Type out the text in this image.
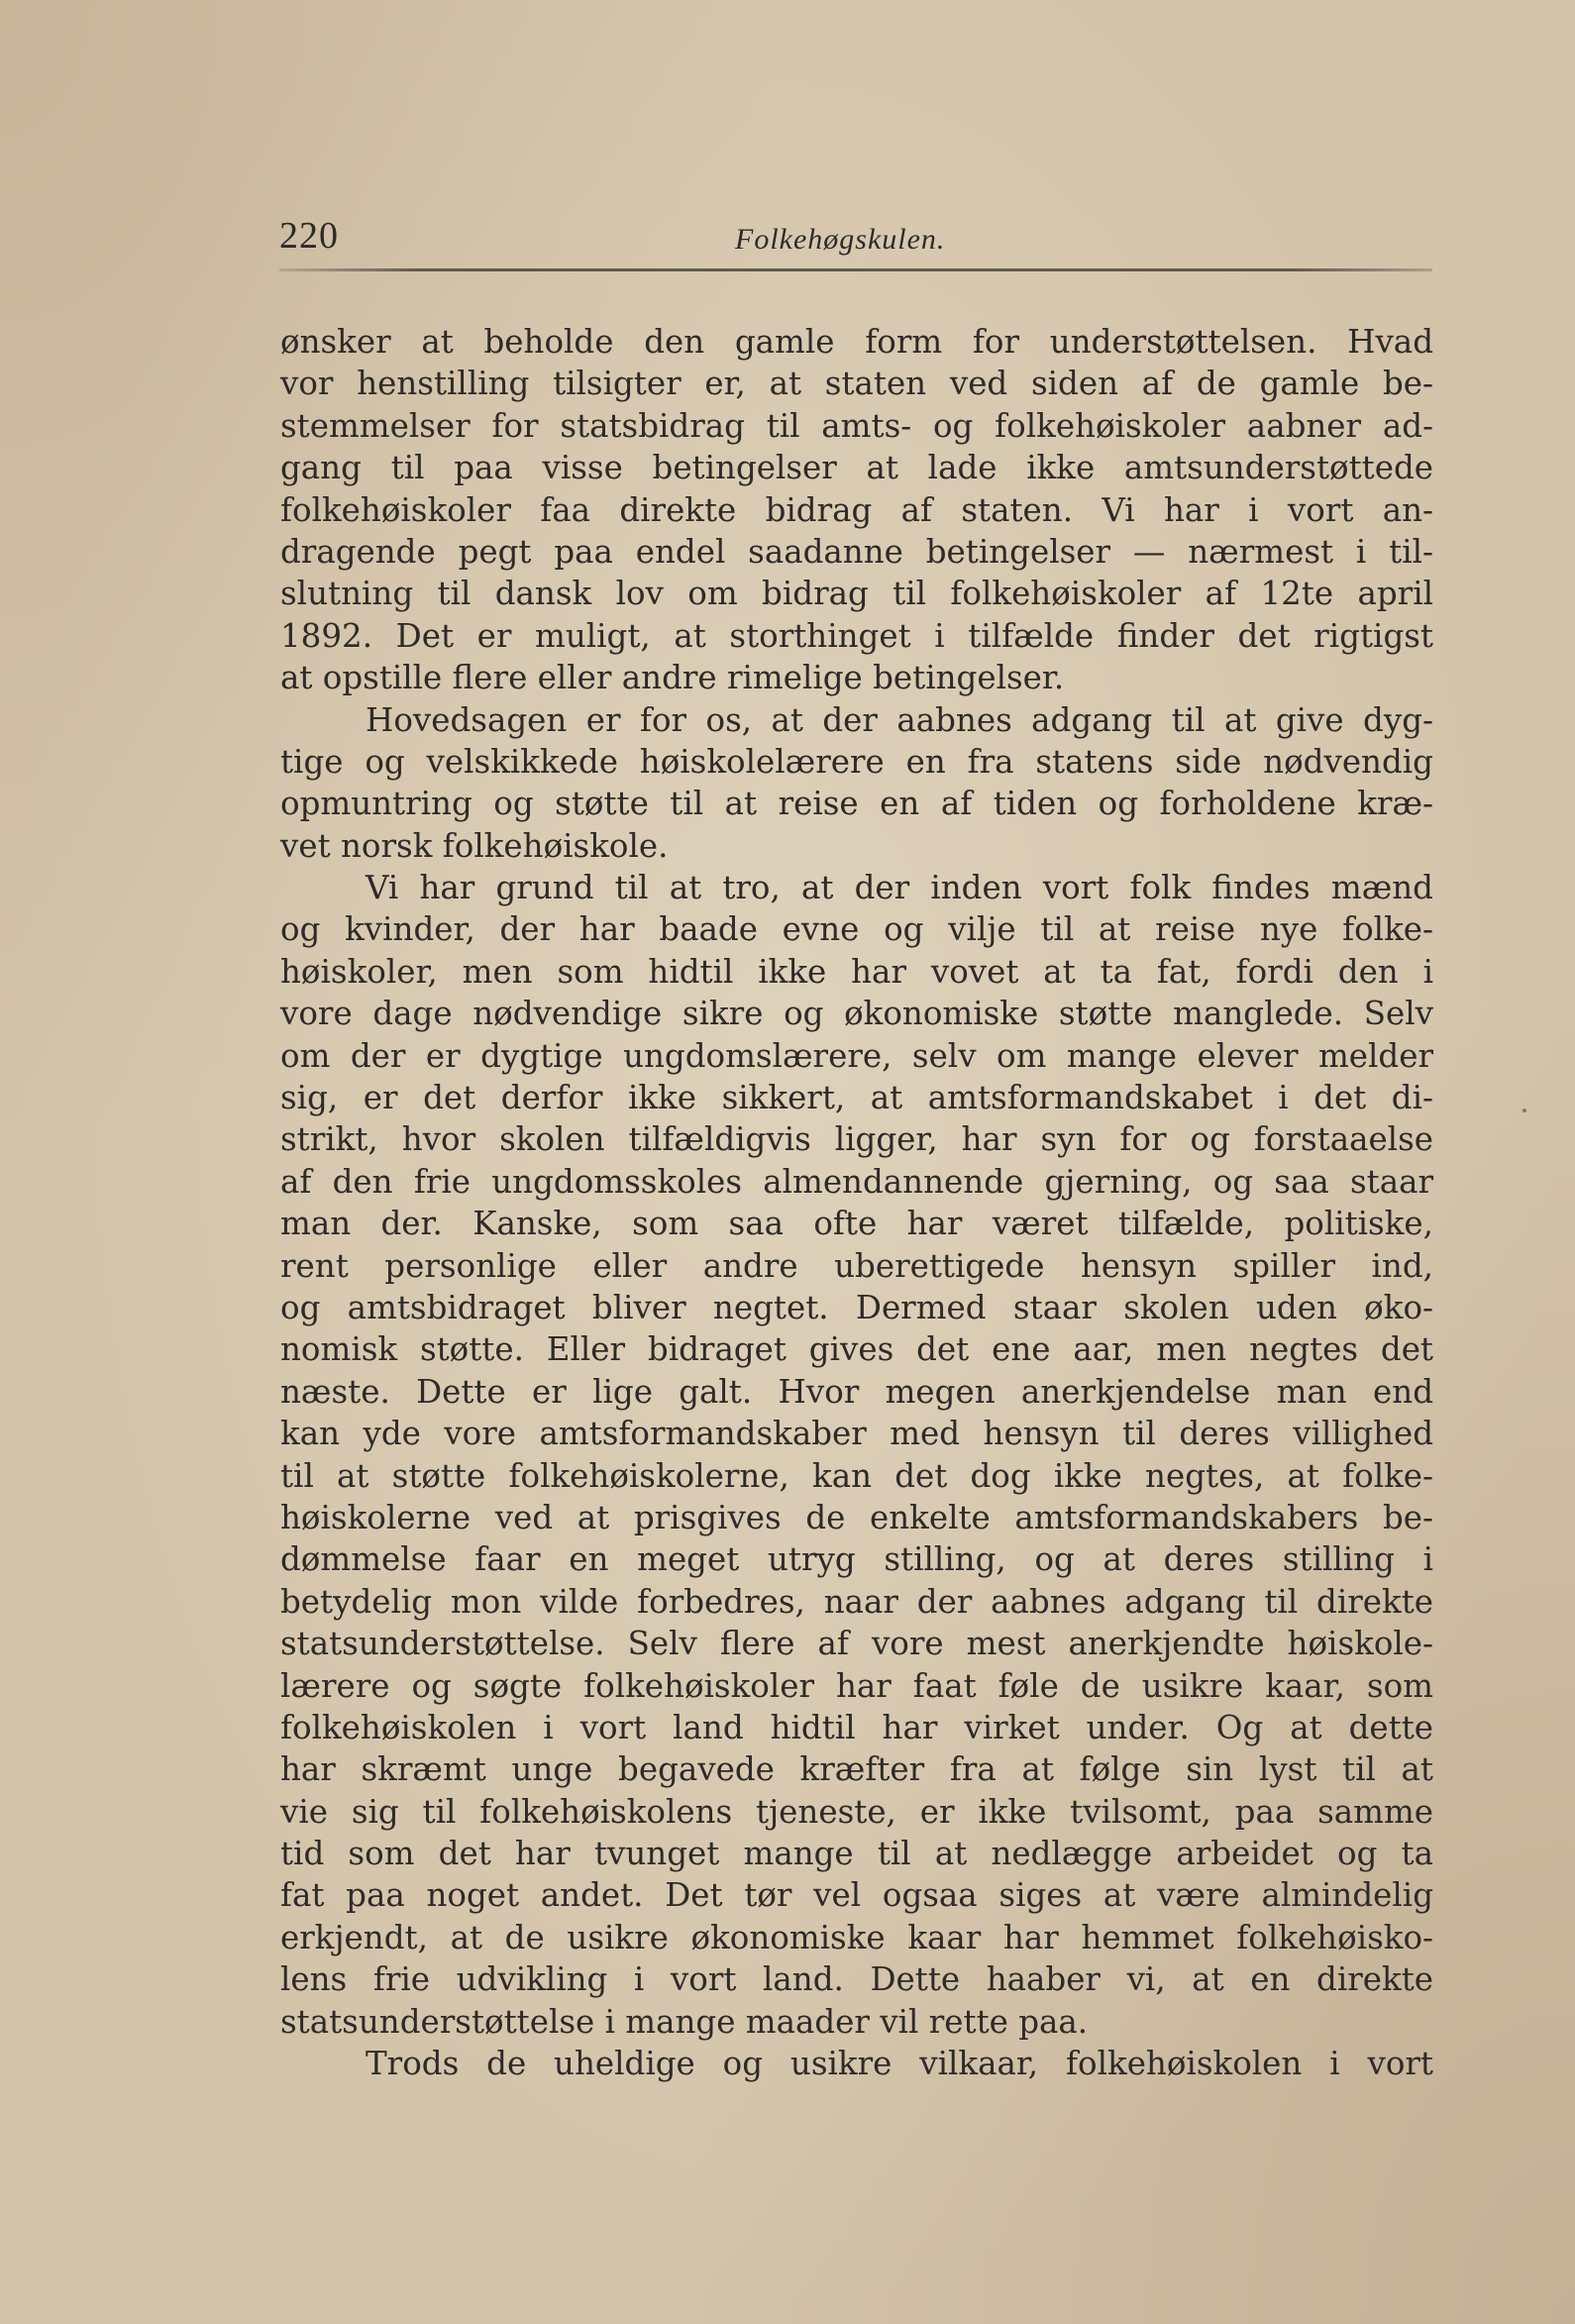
220	Folkehøgskulen.
ønsker at beholde den gamle form for understøttelsen. Hvad
vor henstilling tilsigter er, at staten ved siden af de gamle be-
stemmelser for statsbidrag til amts- og folkehøiskoler aabner ad-
gang til paa visse betingelser at lade ikke amtsunderstøttede
folkehøiskoler faa direkte bidrag af staten. Vi har i vort an-
dragende pegt paa endel saadanne betingelser — nærmest i til-
slutning til dansk lov om bidrag til folkehøiskoler af 12te april
1892. Det er muligt, at storthinget i tilfælde finder det rigtigst
at opstille flere eller andre rimelige betingelser.
Hovedsagen er for os, at der aabnes adgang til at give dyg-
tige og velskikkede høiskolelærere en fra statens side nødvendig
opmuntring og støtte til at reise en af tiden og forholdene kræ-
vet norsk folkehøiskole.
Vi har grund til at tro, at der inden vort folk findes mænd
og kvinder, der har baade evne og vilje til at reise nye folke-
høiskoler, men som hidtil ikke har vovet at ta fat, fordi den i
vore dage nødvendige sikre og økonomiske støtte manglede. Selv
om der er dygtige ungdomslærere, selv om mange elever melder
sig, er det derfor ikke sikkert, at amtsformandskabet i det di-
strikt, hvor skolen tilfældigvis ligger, har syn for og forstaaelse
af den frie ungdomsskoles almendannende gjerning, og saa staar
man der. Kanske, som saa ofte har været tilfælde, politiske,
rent personlige eller andre uberettigede hensyn spiller ind,
og amtsbidraget bliver negtet. Dermed staar skolen uden øko-
nomisk støtte. Eller bidraget gives det ene aar, men negtes det
næste. Dette er lige galt. Hvor megen anerkjendelse man end
kan yde vore amtsformandskaber med hensyn til deres villighed
til at støtte folkehøiskolerne, kan det dog ikke negtes, at folke-
høiskolerne ved at prisgives de enkelte amtsformandskabers be-
dømmelse faar en meget utryg stilling, og at deres stilling i
betydelig mon vilde forbedres, naar der aabnes adgang til direkte
statsunderstøttelse. Selv flere af vore mest anerkjendte høiskole-
lærere og søgte folkehøiskoler har faat føle de usikre kaar, som
folkehøiskolen i vort land hidtil har virket under. Og at dette
har skræmt unge begavede kræfter fra at følge sin lyst til at
vie sig til folkehøiskolens tjeneste, er ikke tvilsomt, paa samme
tid som det har tvunget mange til at nedlægge arbeidet og ta
fat paa noget andet. Det tør vel ogsaa siges at være almindelig
erkjendt, at de usikre økonomiske kaar har hemmet folkehøisko-
lens frie udvikling i vort land. Dette haaber vi, at en direkte
statsunderstøttelse i mange maader vil rette paa.
Trods de uheldige og usikre vilkaar, folkehøiskolen i vort
